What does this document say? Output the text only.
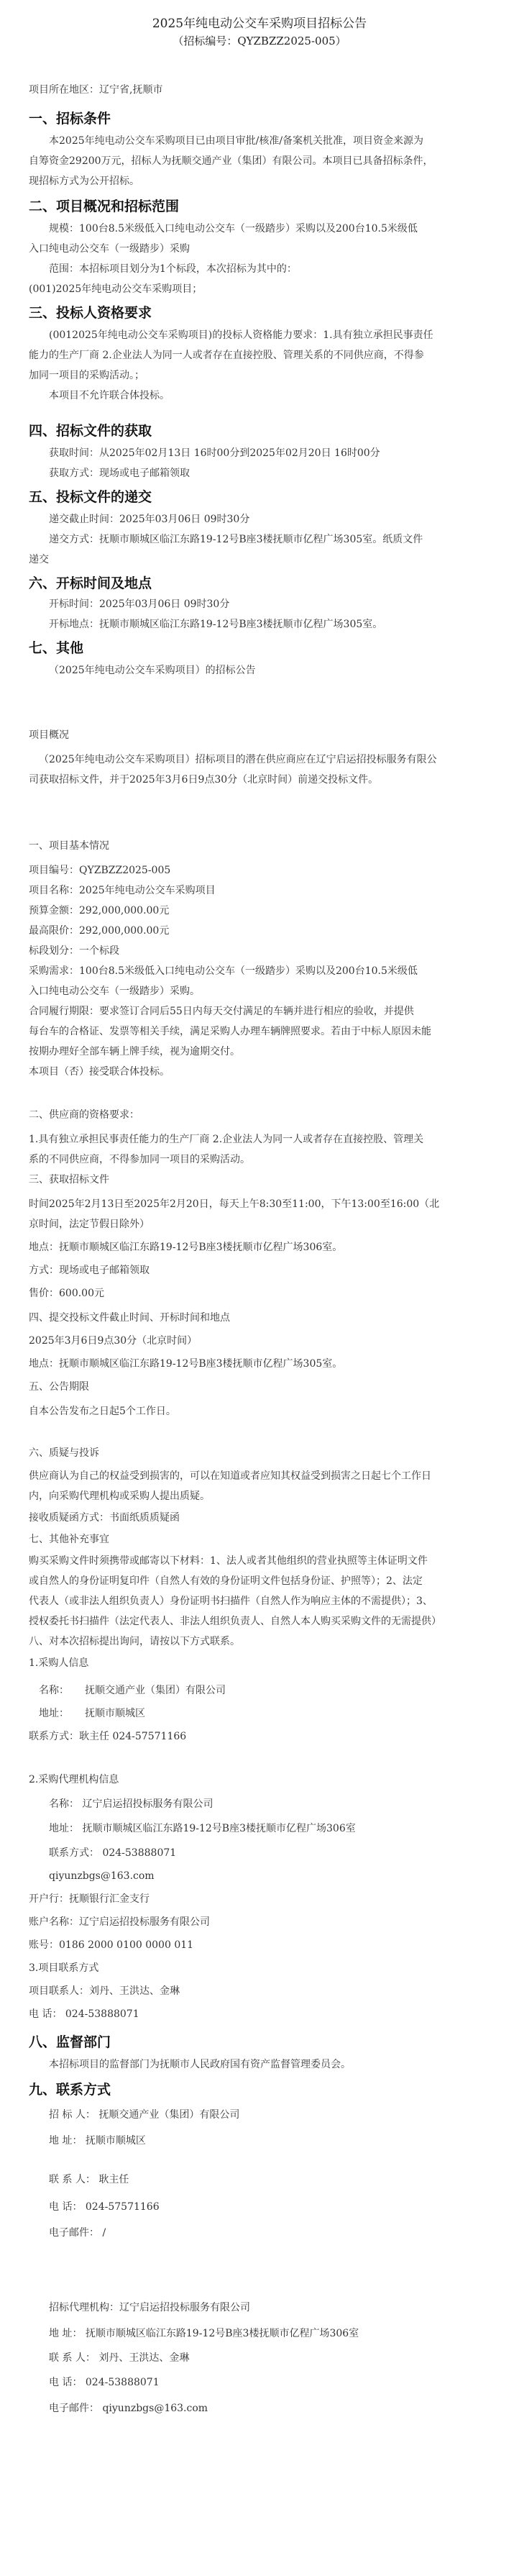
2025年纯电动公交车采购项目招标公告
（招标编号：QYZBZZ2025-005）
项目所在地区：辽宁省,抚顺市
一、招标条件
本2025年纯电动公交车采购项目已由项目审批/核准/备案机关批准，项目资金来源为
自筹资金29200万元，招标人为抚顺交通产业（集团）有限公司。本项目已具备招标条件，
现招标方式为公开招标。
二、项目概况和招标范围
规模：100台8.5米级低入口纯电动公交车（一级踏步）采购以及200台10.5米级低
入口纯电动公交车（一级踏步）采购
范围：本招标项目划分为1个标段，本次招标为其中的：
(001)2025年纯电动公交车采购项目；
三、投标人资格要求
(0012025年纯电动公交车采购项目)的投标人资格能力要求：1.具有独立承担民事责任
能力的生产厂商 2.企业法人为同一人或者存在直接控股、管理关系的不同供应商，不得参
加同一项目的采购活动。；
本项目不允许联合体投标。
四、招标文件的获取
获取时间：从2025年02月13日 16时00分到2025年02月20日 16时00分
获取方式：现场或电子邮箱领取
五、投标文件的递交
递交截止时间：2025年03月06日 09时30分
递交方式：抚顺市顺城区临江东路19-12号B座3楼抚顺市亿程广场305室。纸质文件
递交
六、开标时间及地点
开标时间：2025年03月06日 09时30分
开标地点：抚顺市顺城区临江东路19-12号B座3楼抚顺市亿程广场305室。
七、其他
（2025年纯电动公交车采购项目）的招标公告
项目概况
（2025年纯电动公交车采购项目）招标项目的潜在供应商应在辽宁启运招投标服务有限公
司获取招标文件，并于2025年3月6日9点30分（北京时间）前递交投标文件。
一、项目基本情况
项目编号：QYZBZZ2025-005
项目名称：2025年纯电动公交车采购项目
预算金额：292,000,000.00元
最高限价：292,000,000.00元
标段划分：一个标段
采购需求：100台8.5米级低入口纯电动公交车（一级踏步）采购以及200台10.5米级低
入口纯电动公交车（一级踏步）采购。
合同履行期限：要求签订合同后55日内每天交付满足的车辆并进行相应的验收，并提供
每台车的合格证、发票等相关手续，满足采购人办理车辆牌照要求。若由于中标人原因未能
按期办理好全部车辆上牌手续，视为逾期交付。
本项目（否）接受联合体投标。
二、供应商的资格要求：
1.具有独立承担民事责任能力的生产厂商 2.企业法人为同一人或者存在直接控股、管理关
系的不同供应商，不得参加同一项目的采购活动。
三、获取招标文件
时间2025年2月13日至2025年2月20日，每天上午8:30至11:00，下午13:00至16:00（北
京时间，法定节假日除外）
地点：抚顺市顺城区临江东路19-12号B座3楼抚顺市亿程广场306室。
方式：现场或电子邮箱领取
售价：600.00元
四、提交投标文件截止时间、开标时间和地点
2025年3月6日9点30分（北京时间）
地点：抚顺市顺城区临江东路19-12号B座3楼抚顺市亿程广场305室。
五、公告期限
自本公告发布之日起5个工作日。
六、质疑与投诉
供应商认为自己的权益受到损害的，可以在知道或者应知其权益受到损害之日起七个工作日
内，向采购代理机构或采购人提出质疑。
接收质疑函方式：书面纸质质疑函
七、其他补充事宜
购买采购文件时须携带或邮寄以下材料：1、法人或者其他组织的营业执照等主体证明文件
或自然人的身份证明复印件（自然人有效的身份证明文件包括身份证、护照等）；2、法定
代表人（或非法人组织负责人）身份证明书扫描件（自然人作为响应主体的不需提供）；3、
授权委托书扫描件（法定代表人、非法人组织负责人、自然人本人购买采购文件的无需提供）
八、对本次招标提出询问，请按以下方式联系。
1.采购人信息
名称： 抚顺交通产业（集团）有限公司
地址： 抚顺市顺城区
联系方式：耿主任 024-57571166
2.采购代理机构信息
名称： 辽宁启运招投标服务有限公司
地址： 抚顺市顺城区临江东路19-12号B座3楼抚顺市亿程广场306室
联系方式： 024-53888071
qiyunzbgs@163.com
开户行：抚顺银行汇金支行
账户名称：辽宁启运招投标服务有限公司
账号：0186 2000 0100 0000 011
3.项目联系方式
项目联系人：刘丹、王洪达、金琳
电 话： 024-53888071
八、监督部门
本招标项目的监督部门为抚顺市人民政府国有资产监督管理委员会。
九、联系方式
招 标 人： 抚顺交通产业（集团）有限公司
地 址： 抚顺市顺城区
联 系 人： 耿主任
电 话： 024-57571166
电子邮件： /
招标代理机构：辽宁启运招投标服务有限公司
地 址： 抚顺市顺城区临江东路19-12号B座3楼抚顺市亿程广场306室
联 系 人： 刘丹、王洪达、金琳
电 话： 024-53888071
电子邮件： qiyunzbgs@163.com
